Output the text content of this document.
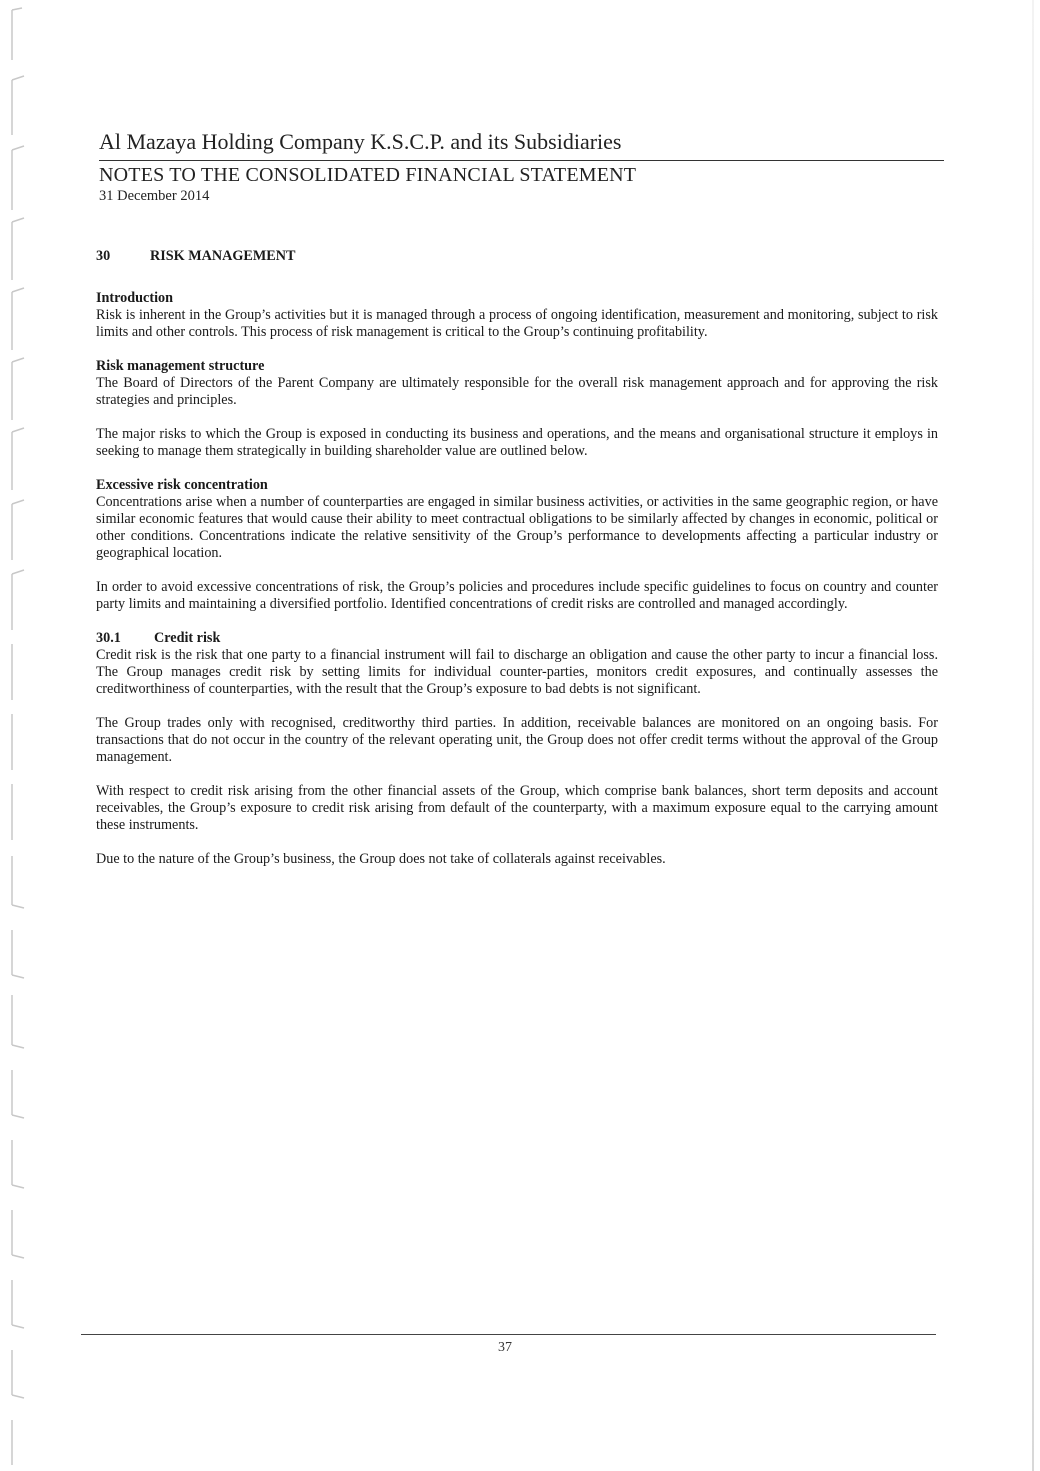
Al Mazaya Holding Company K.S.C.P. and its Subsidiaries
NOTES TO THE CONSOLIDATED FINANCIAL STATEMENT
31 December 2014
30	RISK MANAGEMENT

Introduction

Risk is inherent in the Group’s activities but it is managed through a process of ongoing identification, measurement and monitoring, subject to risk limits and other controls. This process of risk management is critical to the Group’s continuing profitability.

Risk management structure

The Board of Directors of the Parent Company are ultimately responsible for the overall risk management approach and for approving the risk strategies and principles.

The major risks to which the Group is exposed in conducting its business and operations, and the means and organisational structure it employs in seeking to manage them strategically in building shareholder value are outlined below.

Excessive risk concentration

Concentrations arise when a number of counterparties are engaged in similar business activities, or activities in the same geographic region, or have similar economic features that would cause their ability to meet contractual obligations to be similarly affected by changes in economic, political or other conditions. Concentrations indicate the relative sensitivity of the Group’s performance to developments affecting a particular industry or geographical location.

In order to avoid excessive concentrations of risk, the Group’s policies and procedures include specific guidelines to focus on country and counter party limits and maintaining a diversified portfolio. Identified concentrations of credit risks are controlled and managed accordingly.

30.1	Credit risk

Credit risk is the risk that one party to a financial instrument will fail to discharge an obligation and cause the other party to incur a financial loss. The Group manages credit risk by setting limits for individual counter-parties, monitors credit exposures, and continually assesses the creditworthiness of counterparties, with the result that the Group’s exposure to bad debts is not significant.

The Group trades only with recognised, creditworthy third parties. In addition, receivable balances are monitored on an ongoing basis. For transactions that do not occur in the country of the relevant operating unit, the Group does not offer credit terms without the approval of the Group management.

With respect to credit risk arising from the other financial assets of the Group, which comprise bank balances, short term deposits and account receivables, the Group’s exposure to credit risk arising from default of the counterparty, with a maximum exposure equal to the carrying amount these instruments.

Due to the nature of the Group’s business, the Group does not take of collaterals against receivables.

37
